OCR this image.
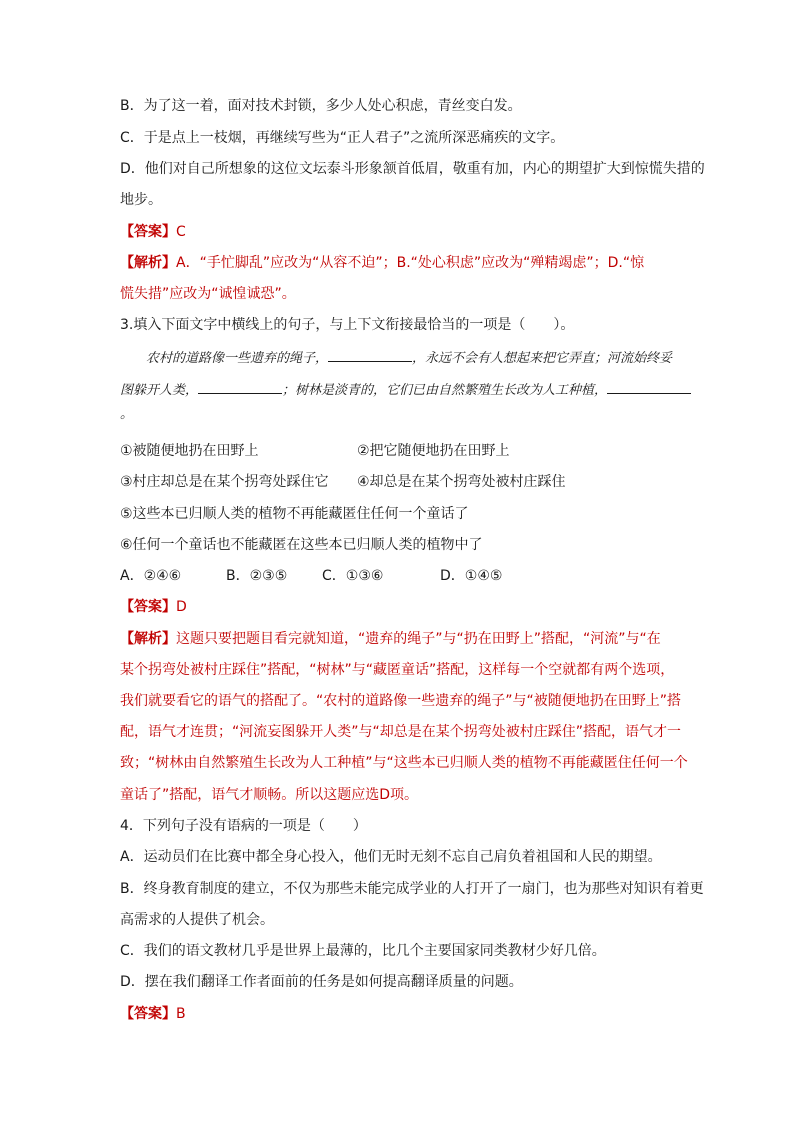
B．为了这一着，面对技术封锁，多少人处心积虑，青丝变白发。
C．于是点上一枝烟，再继续写些为“正人君子”之流所深恶痛疾的文字。
D．他们对自己所想象的这位文坛泰斗形象颔首低眉，敬重有加，内心的期望扩大到惊慌失措的
地步。
【答案】C
【解析】A．“手忙脚乱”应改为“从容不迫”；B.“处心积虑”应改为“殚精竭虑”；D.“惊
慌失措”应改为“诚惶诚恐”。
3.填入下面文字中横线上的句子，与上下文衔接最恰当的一项是（　　）。
农村的道路像一些遗弃的绳子，	，永远不会有人想起来把它弄直；河流始终妥
图躲开人类，	；树林是淡青的，它们已由自然繁殖生长改为人工种植，
。
①被随便地扔在田野上	②把它随便地扔在田野上
③村庄却总是在某个拐弯处踩住它 ④却总是在某个拐弯处被村庄踩住
⑤这些本已归顺人类的植物不再能藏匿住任何一个童话了
⑥任何一个童话也不能藏匿在这些本已归顺人类的植物中了
A．②④⑥	B．②③⑤ C．①③⑥	D．①④⑤
【答案】D
【解析】这题只要把题目看完就知道，“遗弃的绳子”与“扔在田野上”搭配，“河流”与“在
某个拐弯处被村庄踩住”搭配，“树林”与“藏匿童话”搭配，这样每一个空就都有两个选项，
我们就要看它的语气的搭配了。“农村的道路像一些遗弃的绳子”与“被随便地扔在田野上”搭
配，语气才连贯；“河流妄图躲开人类”与“却总是在某个拐弯处被村庄踩住”搭配，语气才一
致；“树林由自然繁殖生长改为人工种植”与“这些本已归顺人类的植物不再能藏匿住任何一个
童话了”搭配，语气才顺畅。所以这题应选D项。
4．下列句子没有语病的一项是（　　）
A．运动员们在比赛中都全身心投入，他们无时无刻不忘自己肩负着祖国和人民的期望。
B．终身教育制度的建立，不仅为那些未能完成学业的人打开了一扇门，也为那些对知识有着更
高需求的人提供了机会。
C．我们的语文教材几乎是世界上最薄的，比几个主要国家同类教材少好几倍。
D．摆在我们翻译工作者面前的任务是如何提高翻译质量的问题。
【答案】B
